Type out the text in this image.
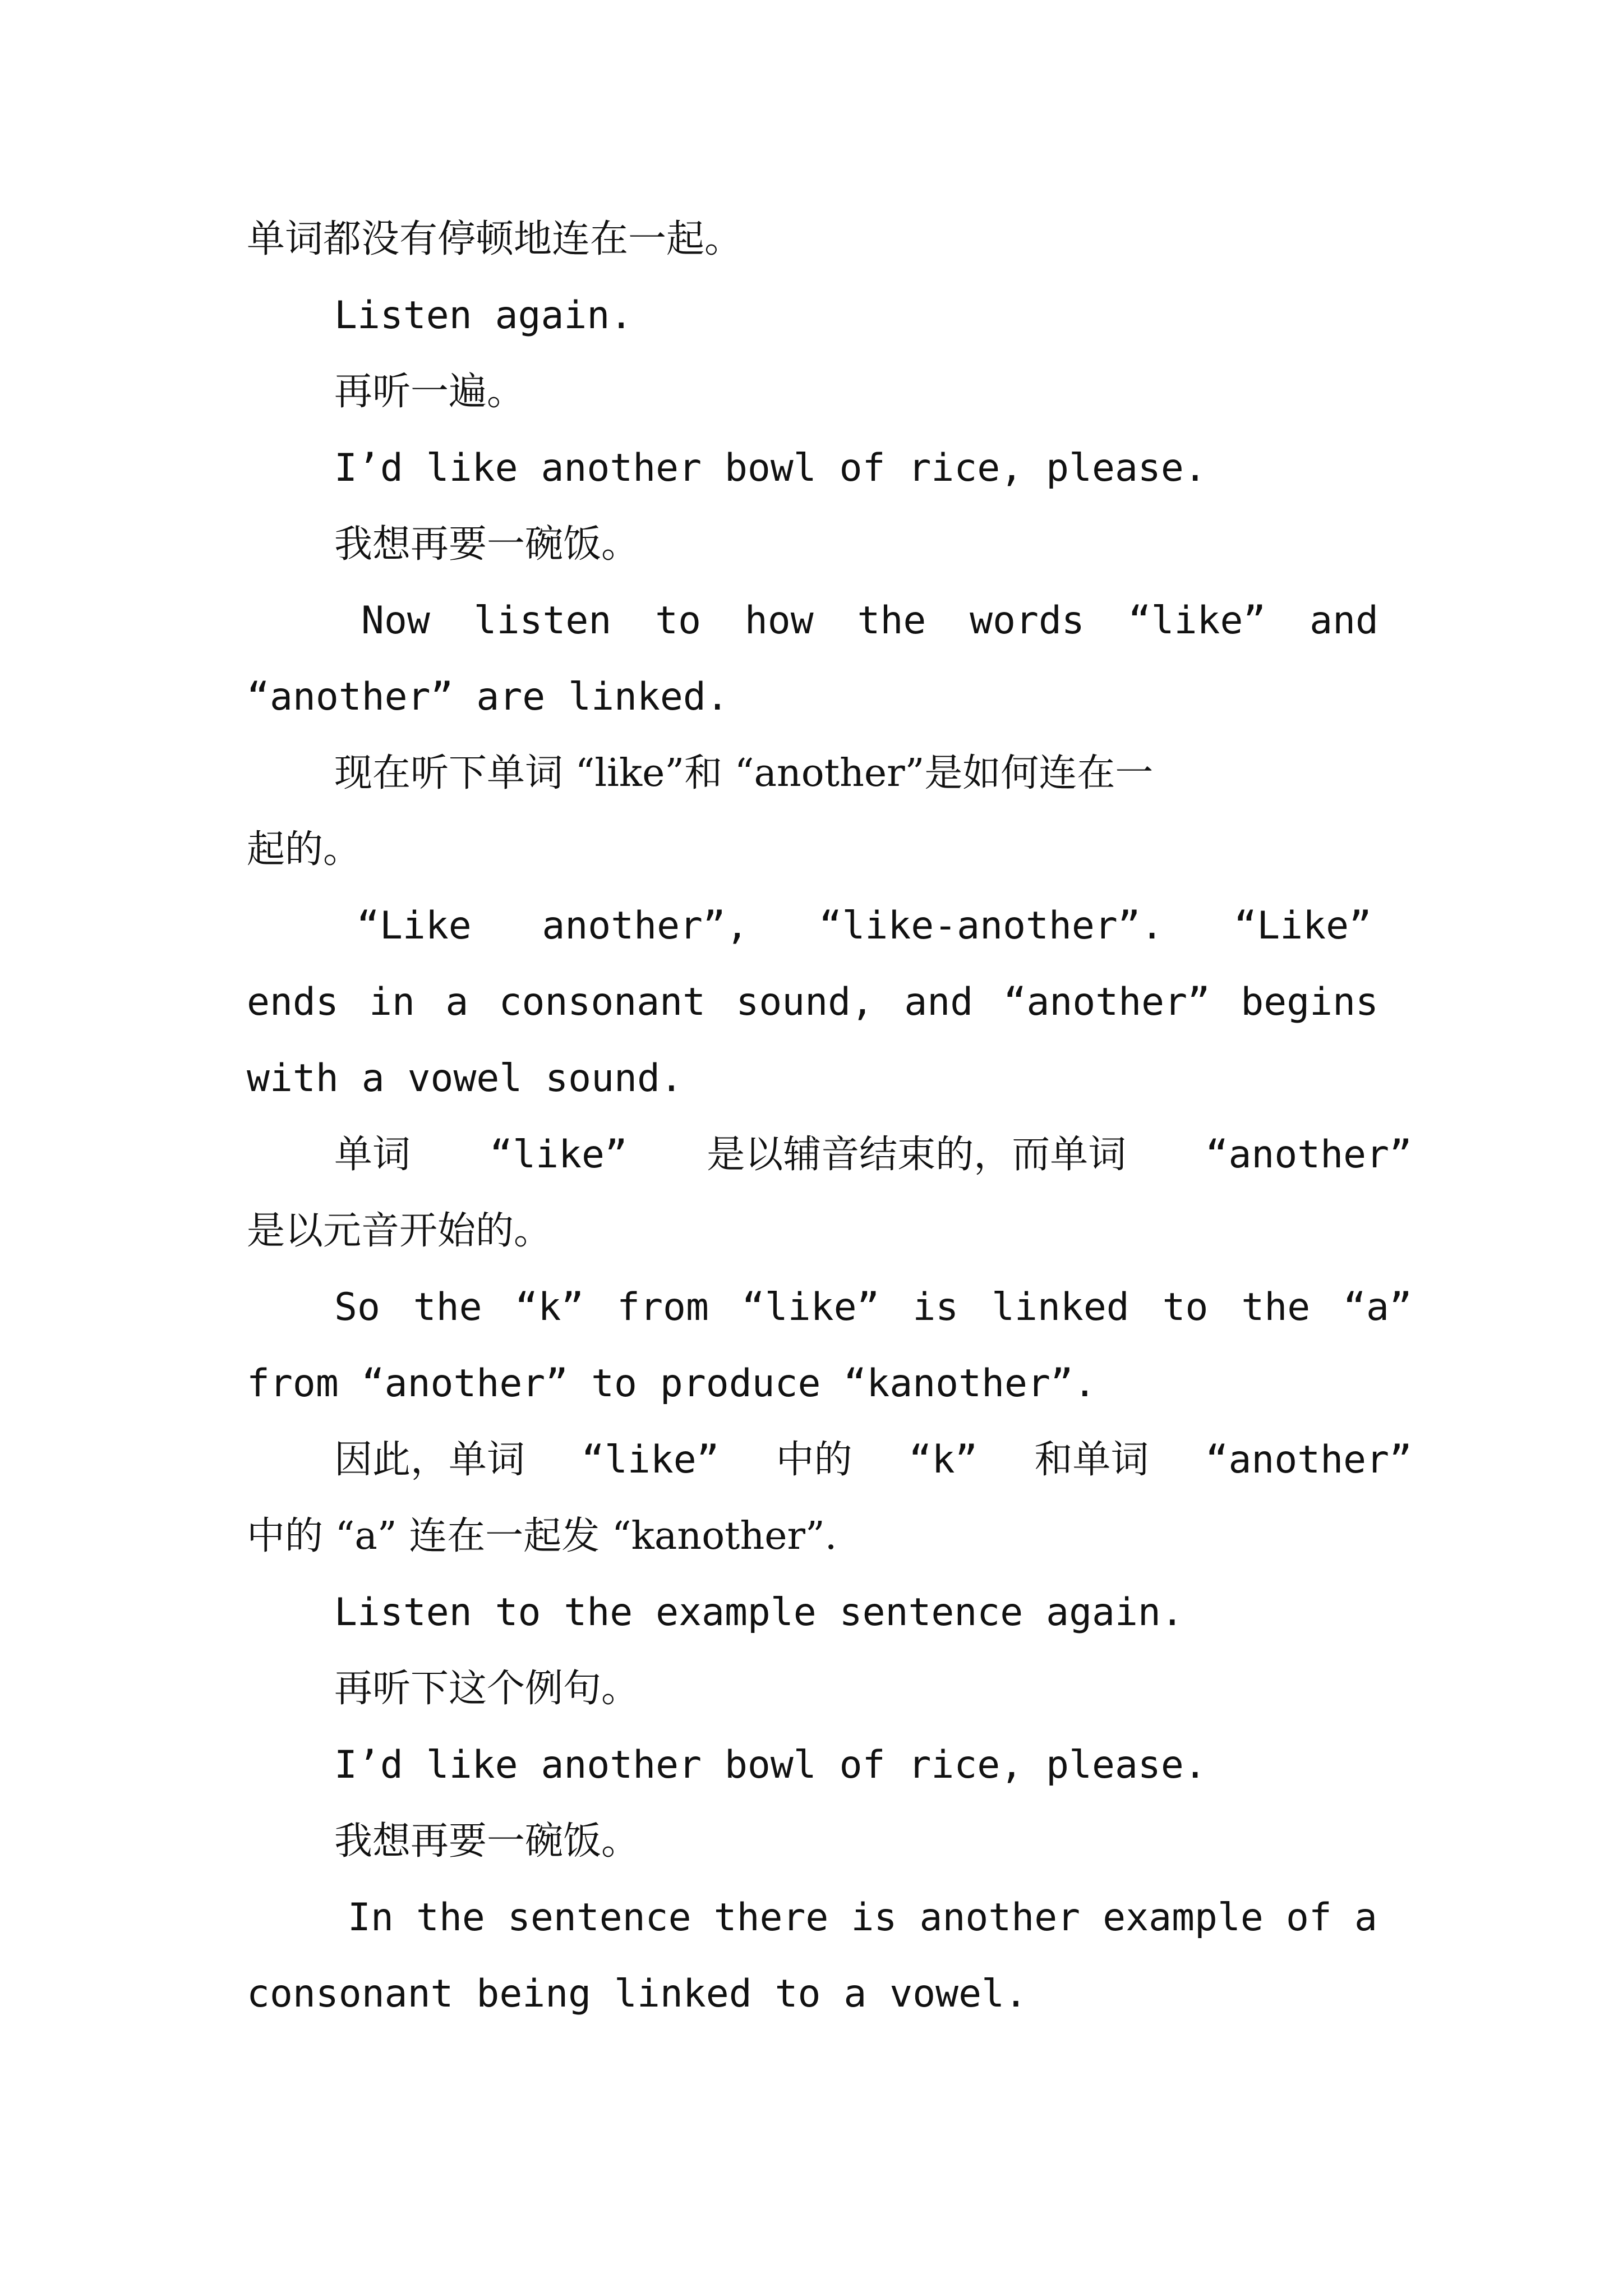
单词都没有停顿地连在一起。
Listen again.
再听一遍。
I’d like another bowl of rice, please.
我想再要一碗饭。
Now listen to how the words “like” and
“another” are linked.
现在听下单词 “like”和 “another”是如何连在一
起的。
“Like another”, “like-another”. “Like”
ends in a consonant sound, and “another” begins
with a vowel sound.
单词 “like” 是以辅音结束的，而单词 “another”
是以元音开始的。
So the “k” from “like” is linked to the “a”
from “another” to produce “kanother”.
因此，单词 “like” 中的 “k” 和单词 “another”
中的 “a” 连在一起发 “kanother”.
Listen to the example sentence again.
再听下这个例句。
I’d like another bowl of rice, please.
我想再要一碗饭。
In the sentence there is another example of a
consonant being linked to a vowel.
